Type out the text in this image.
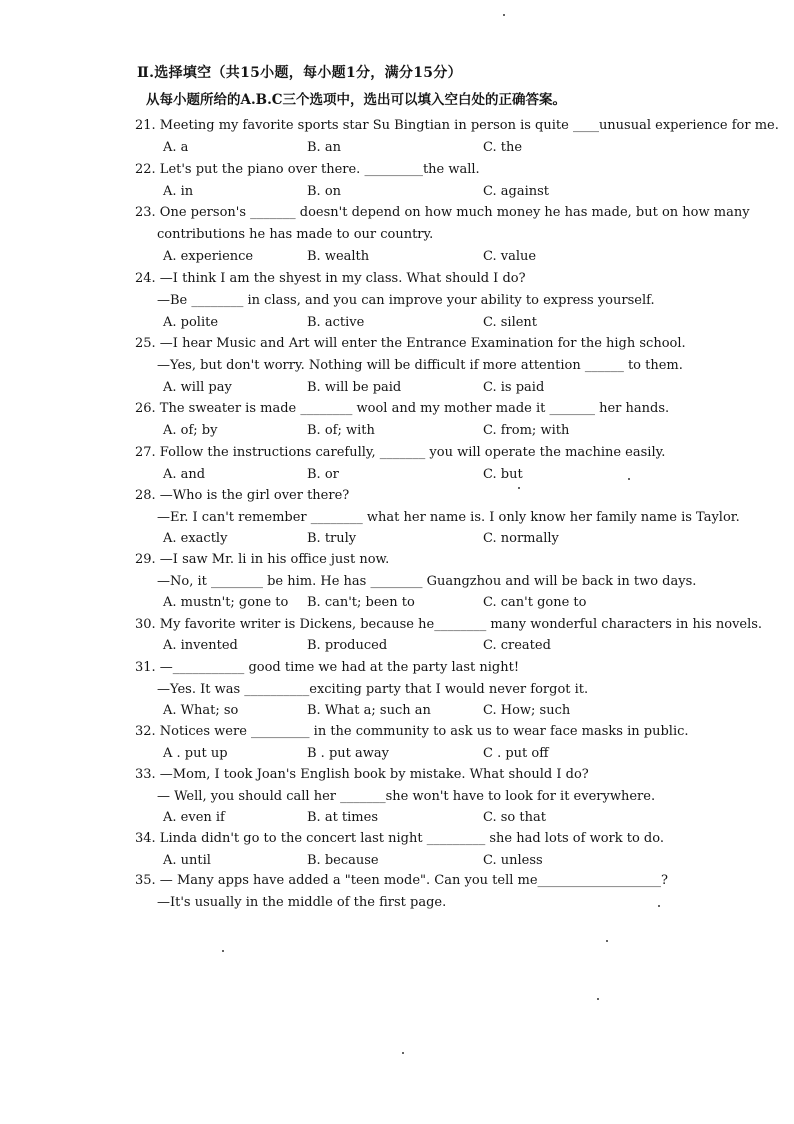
Ⅱ.选择填空（共15小题，每小题1分，满分15分）
从每小题所给的A.B.C三个选项中，选出可以填入空白处的正确答案。
21. Meeting my favorite sports star Su Bingtian in person is quite ____unusual experience for me.
A. a	B. an	C. the
22. Let's put the piano over there. _________the wall.
A. in	B. on	C. against
23. One person's _______ doesn't depend on how much money he has made, but on how many
contributions he has made to our country.
A. experience	B. wealth	C. value
24. —I think I am the shyest in my class. What should I do?
—Be ________ in class, and you can improve your ability to express yourself.
A. polite	B. active	C. silent
25. —I hear Music and Art will enter the Entrance Examination for the high school.
—Yes, but don't worry. Nothing will be difficult if more attention ______ to them.
A. will pay	B. will be paid	C. is paid
26. The sweater is made ________ wool and my mother made it _______ her hands.
A. of; by	B. of; with	C. from; with
27. Follow the instructions carefully, _______ you will operate the machine easily.
A. and	B. or	C. but
28. —Who is the girl over there?
—Er. I can't remember ________ what her name is. I only know her family name is Taylor.
A. exactly	B. truly	C. normally
29. —I saw Mr. li in his office just now.
—No, it ________ be him. He has ________ Guangzhou and will be back in two days.
A. mustn't; gone to B. can't; been to	C. can't gone to
30. My favorite writer is Dickens, because he________ many wonderful characters in his novels.
A. invented	B. produced	C. created
31. —___________ good time we had at the party last night!
—Yes. It was __________exciting party that I would never forgot it.
A. What; so	B. What a; such an	C. How; such
32. Notices were _________ in the community to ask us to wear face masks in public.
A . put up	B . put away	C . put off
33. —Mom, I took Joan's English book by mistake. What should I do?
— Well, you should call her _______she won't have to look for it everywhere.
A. even if	B. at times	C. so that
34. Linda didn't go to the concert last night _________ she had lots of work to do.
A. until	B. because	C. unless
35. — Many apps have added a "teen mode". Can you tell me___________________?
—It's usually in the middle of the first page.
